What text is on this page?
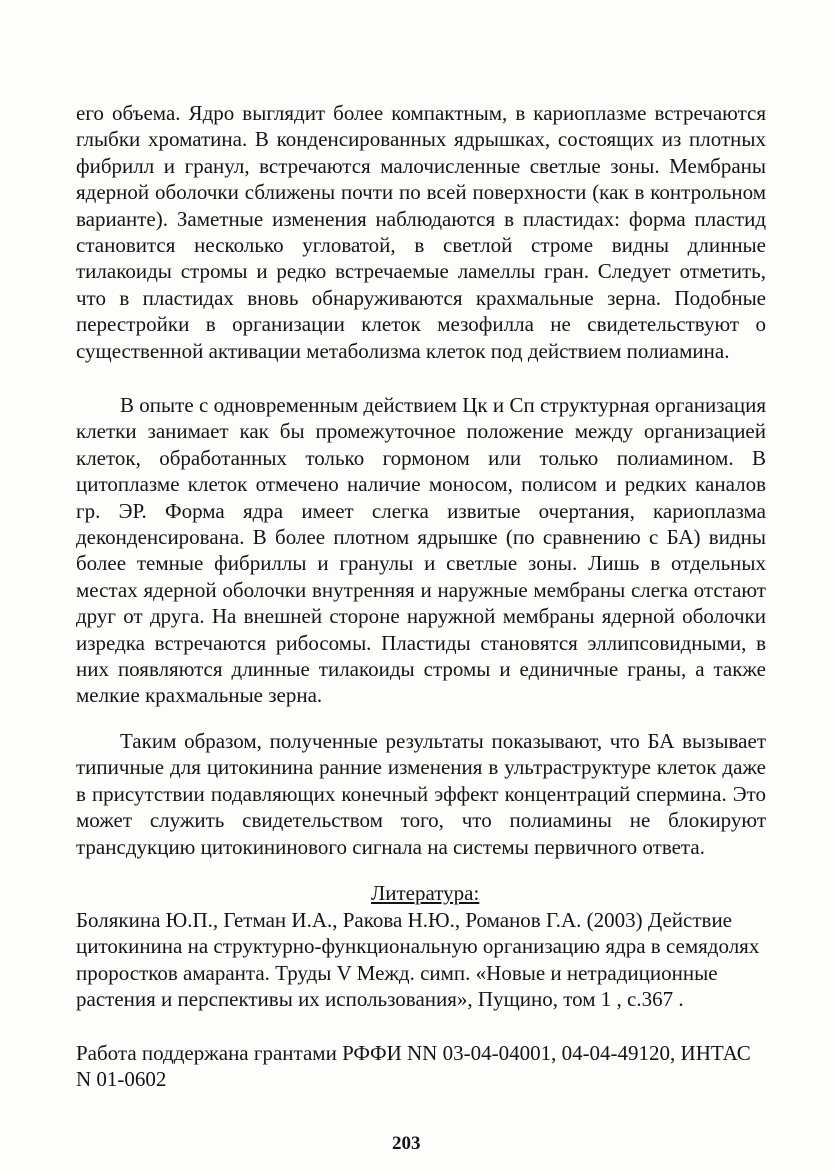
его объема. Ядро выглядит более компактным, в кариоплазме встречаются глыбки хроматина. В конденсированных ядрышках, состоящих из плотных фибрилл и гранул, встречаются малочисленные светлые зоны. Мембраны ядерной оболочки сближены почти по всей поверхности (как в контрольном варианте). Заметные изменения наблюдаются в пластидах: форма пластид становится несколько угловатой, в светлой строме видны длинные тилакоиды стромы и редко встречаемые ламеллы гран. Следует отметить, что в пластидах вновь обнаруживаются крахмальные зерна. Подобные перестройки в организации клеток мезофилла не свидетельствуют о существенной активации метаболизма клеток под действием полиамина.

В опыте с одновременным действием Цк и Сп структурная организация клетки занимает как бы промежуточное положение между организацией клеток, обработанных только гормоном или только полиамином. В цитоплазме клеток отмечено наличие моносом, полисом и редких каналов гр. ЭР. Форма ядра имеет слегка извитые очертания, кариоплазма деконденсирована. В более плотном ядрышке (по сравнению с БА) видны более темные фибриллы и гранулы и светлые зоны. Лишь в отдельных местах ядерной оболочки внутренняя и наружные мембраны слегка отстают друг от друга. На внешней стороне наружной мембраны ядерной оболочки изредка встречаются рибосомы. Пластиды становятся эллипсовидными, в них появляются длинные тилакоиды стромы и единичные граны, а также мелкие крахмальные зерна.

Таким образом, полученные результаты показывают, что БА вызывает типичные для цитокинина ранние изменения в ультраструктуре клеток даже в присутствии подавляющих конечный эффект концентраций спермина. Это может служить свидетельством того, что полиамины не блокируют трансдукцию цитокининового сигнала на системы первичного ответа.

Литература:

Болякина Ю.П., Гетман И.А., Ракова Н.Ю., Романов Г.А. (2003) Действие цитокинина на структурно-функциональную организацию ядра в семядолях проростков амаранта. Труды V Межд. симп. «Новые и нетрадиционные растения и перспективы их использования», Пущино, том 1 , с.367 .

Работа поддержана грантами РФФИ NN 03-04-04001, 04-04-49120, ИНТАС N 01-0602

203
